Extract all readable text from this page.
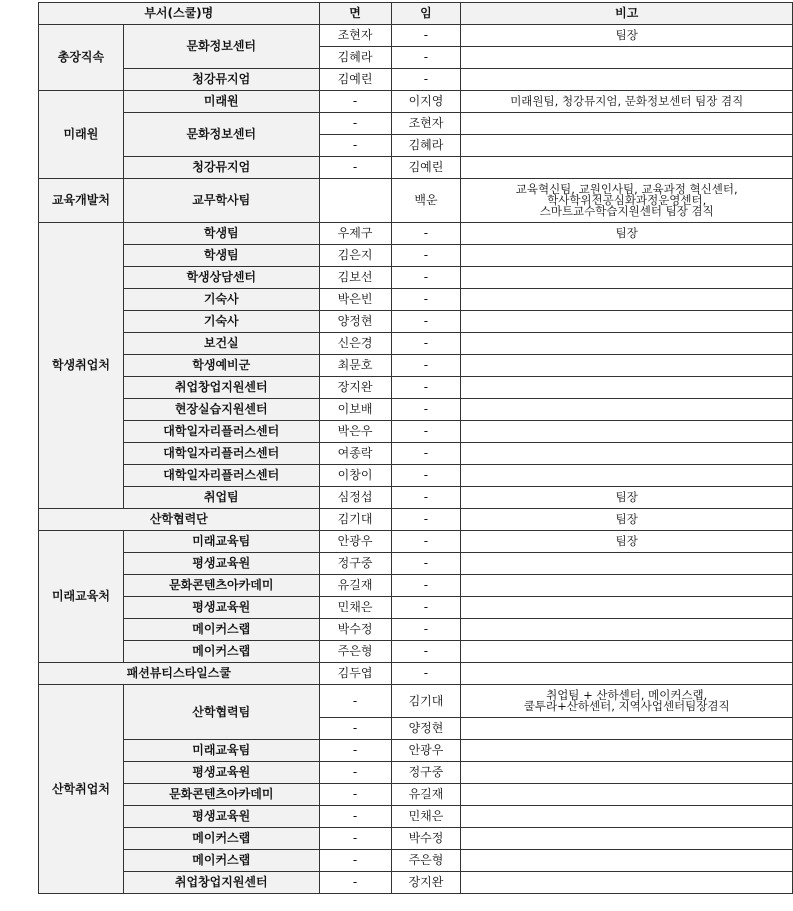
부서(스쿨)명		면	임	비고
총장직속	문화정보센터	조현자	-	팀장
		김혜라	-	
	청강뮤지엄	김예린	-	
미래원	미래원	-	이지영	미래원팀, 청강뮤지엄, 문화정보센터 팀장 겸직
	문화정보센터	-	조현자	
		-	김혜라	
	청강뮤지엄	-	김예린	
교육개발처	교무학사팀		백운	교육혁신팀, 교원인사팀, 교육과정 혁신센터,
학사학위전공심화과정운영센터,
스마트교수학습지원센터 팀장 겸직
학생취업처	학생팀	우제구	-	팀장
	학생팀	김은지	-	
	학생상담센터	김보선	-	
	기숙사	박은빈	-	
	기숙사	양정현	-	
	보건실	신은경	-	
	학생예비군	최문호	-	
	취업창업지원센터	장지완	-	
	현장실습지원센터	이보배	-	
	대학일자리플러스센터	박은우	-	
	대학일자리플러스센터	여종락	-	
	대학일자리플러스센터	이창이	-	
	취업팀	심정섭	-	팀장
산학협력단		김기대	-	팀장
미래교육처	미래교육팀	안광우	-	팀장
	평생교육원	정구중	-	
	문화콘텐츠아카데미	유길재	-	
	평생교육원	민채은	-	
	메이커스랩	박수정	-	
	메이커스랩	주은형	-	
패션뷰티스타일스쿨		김두엽	-	
산학취업처	산학협력팀	-	김기대	취업팀 + 산하센터, 메이커스랩,
쿨투라+산하센터, 지역사업센터팀장겸직
		-	양정현	
	미래교육팀	-	안광우	
	평생교육원	-	정구중	
	문화콘텐츠아카데미	-	유길재	
	평생교육원	-	민채은	
	메이커스랩	-	박수정	
	메이커스랩	-	주은형	
	취업창업지원센터	-	장지완	
